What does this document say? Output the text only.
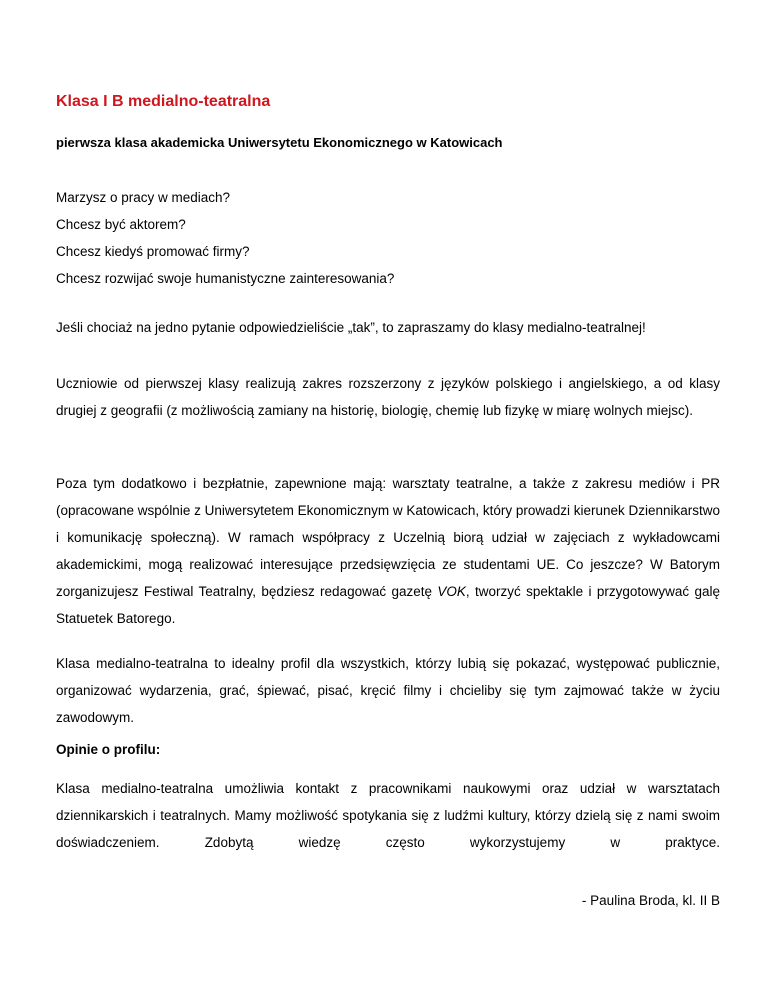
Klasa I B medialno-teatralna

pierwsza klasa akademicka Uniwersytetu Ekonomicznego w Katowicach

Marzysz o pracy w mediach?
Chcesz być aktorem?
Chcesz kiedyś promować firmy?
Chcesz rozwijać swoje humanistyczne zainteresowania?

Jeśli chociaż na jedno pytanie odpowiedzieliście „tak”, to zapraszamy do klasy medialno-teatralnej!

Uczniowie od pierwszej klasy realizują zakres rozszerzony z języków polskiego i angielskiego, a od klasy drugiej z geografii (z możliwością zamiany na historię, biologię, chemię lub fizykę w miarę wolnych miejsc).

Poza tym dodatkowo i bezpłatnie, zapewnione mają: warsztaty teatralne, a także z zakresu mediów i PR (opracowane wspólnie z Uniwersytetem Ekonomicznym w Katowicach, który prowadzi kierunek Dziennikarstwo i komunikację społeczną). W ramach współpracy z Uczelnią biorą udział w zajęciach z wykładowcami akademickimi, mogą realizować interesujące przedsięwzięcia ze studentami UE. Co jeszcze? W Batorym zorganizujesz Festiwal Teatralny, będziesz redagować gazetę VOK, tworzyć spektakle i przygotowywać galę Statuetek Batorego.

Klasa medialno-teatralna to idealny profil dla wszystkich, którzy lubią się pokazać, występować publicznie, organizować wydarzenia, grać, śpiewać, pisać, kręcić filmy i chcieliby się tym zajmować także w życiu zawodowym.

Opinie o profilu:

Klasa medialno-teatralna umożliwia kontakt z pracownikami naukowymi oraz udział w warsztatach dziennikarskich i teatralnych. Mamy możliwość spotykania się z ludźmi kultury, którzy dzielą się z nami swoim doświadczeniem. Zdobytą wiedzę często wykorzystujemy w praktyce.

- Paulina Broda, kl. II B
